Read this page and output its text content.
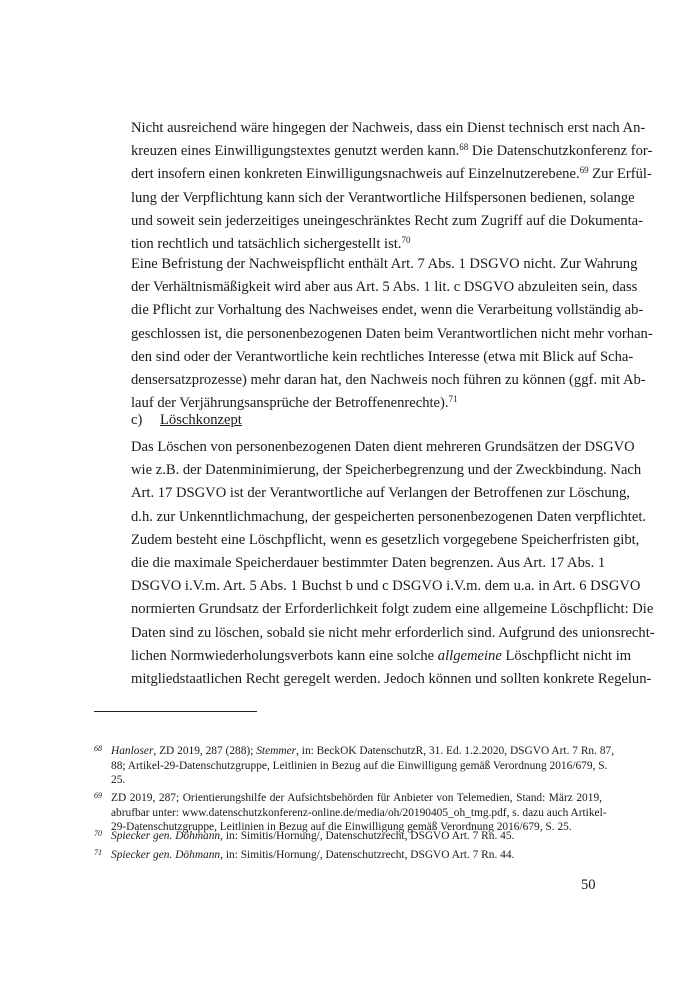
Nicht ausreichend wäre hingegen der Nachweis, dass ein Dienst technisch erst nach An-
kreuzen eines Einwilligungstextes genutzt werden kann.$^{68}$ Die Datenschutzkonferenz for-
dert insofern einen konkreten Einwilligungsnachweis auf Einzelnutzerebene.$^{69}$ Zur Erfül-
lung der Verpflichtung kann sich der Verantwortliche Hilfspersonen bedienen, solange
und soweit sein jederzeitiges uneingeschränktes Recht zum Zugriff auf die Dokumenta-
tion rechtlich und tatsächlich sichergestellt ist.$^{70}$
Eine Befristung der Nachweispflicht enthält Art. 7 Abs. 1 DSGVO nicht. Zur Wahrung
der Verhältnismäßigkeit wird aber aus Art. 5 Abs. 1 lit. c DSGVO abzuleiten sein, dass
die Pflicht zur Vorhaltung des Nachweises endet, wenn die Verarbeitung vollständig ab-
geschlossen ist, die personenbezogenen Daten beim Verantwortlichen nicht mehr vorhan-
den sind oder der Verantwortliche kein rechtliches Interesse (etwa mit Blick auf Scha-
densersatzprozesse) mehr daran hat, den Nachweis noch führen zu können (ggf. mit Ab-
lauf der Verjährungsansprüche der Betroffenenrechte).$^{71}$
c) Löschkonzept
Das Löschen von personenbezogenen Daten dient mehreren Grundsätzen der DSGVO
wie z.B. der Datenminimierung, der Speicherbegrenzung und der Zweckbindung. Nach
Art. 17 DSGVO ist der Verantwortliche auf Verlangen der Betroffenen zur Löschung,
d.h. zur Unkenntlichmachung, der gespeicherten personenbezogenen Daten verpflichtet.
Zudem besteht eine Löschpflicht, wenn es gesetzlich vorgegebene Speicherfristen gibt,
die die maximale Speicherdauer bestimmter Daten begrenzen. Aus Art. 17 Abs. 1
DSGVO i.V.m. Art. 5 Abs. 1 Buchst b und c DSGVO i.V.m. dem u.a. in Art. 6 DSGVO
normierten Grundsatz der Erforderlichkeit folgt zudem eine allgemeine Löschpflicht: Die
Daten sind zu löschen, sobald sie nicht mehr erforderlich sind. Aufgrund des unionsrecht-
lichen Normwiederholungsverbots kann eine solche allgemeine Löschpflicht nicht im
mitgliedstaatlichen Recht geregelt werden. Jedoch können und sollten konkrete Regelun-
68 Hanloser, ZD 2019, 287 (288); Stemmer, in: BeckOK DatenschutzR, 31. Ed. 1.2.2020, DSGVO Art. 7 Rn. 87,
88; Artikel-29-Datenschutzgruppe, Leitlinien in Bezug auf die Einwilligung gemäß Verordnung 2016/679, S.
25.
69 ZD 2019, 287; Orientierungshilfe der Aufsichtsbehörden für Anbieter von Telemedien, Stand: März 2019,
abrufbar unter: www.datenschutzkonferenz-online.de/media/oh/20190405_oh_tmg.pdf, s. dazu auch Artikel-
29-Datenschutzgruppe, Leitlinien in Bezug auf die Einwilligung gemäß Verordnung 2016/679, S. 25.
70 Spiecker gen. Döhmann, in: Simitis/Hornung/, Datenschutzrecht, DSGVO Art. 7 Rn. 45.
71 Spiecker gen. Döhmann, in: Simitis/Hornung/, Datenschutzrecht, DSGVO Art. 7 Rn. 44.
50
